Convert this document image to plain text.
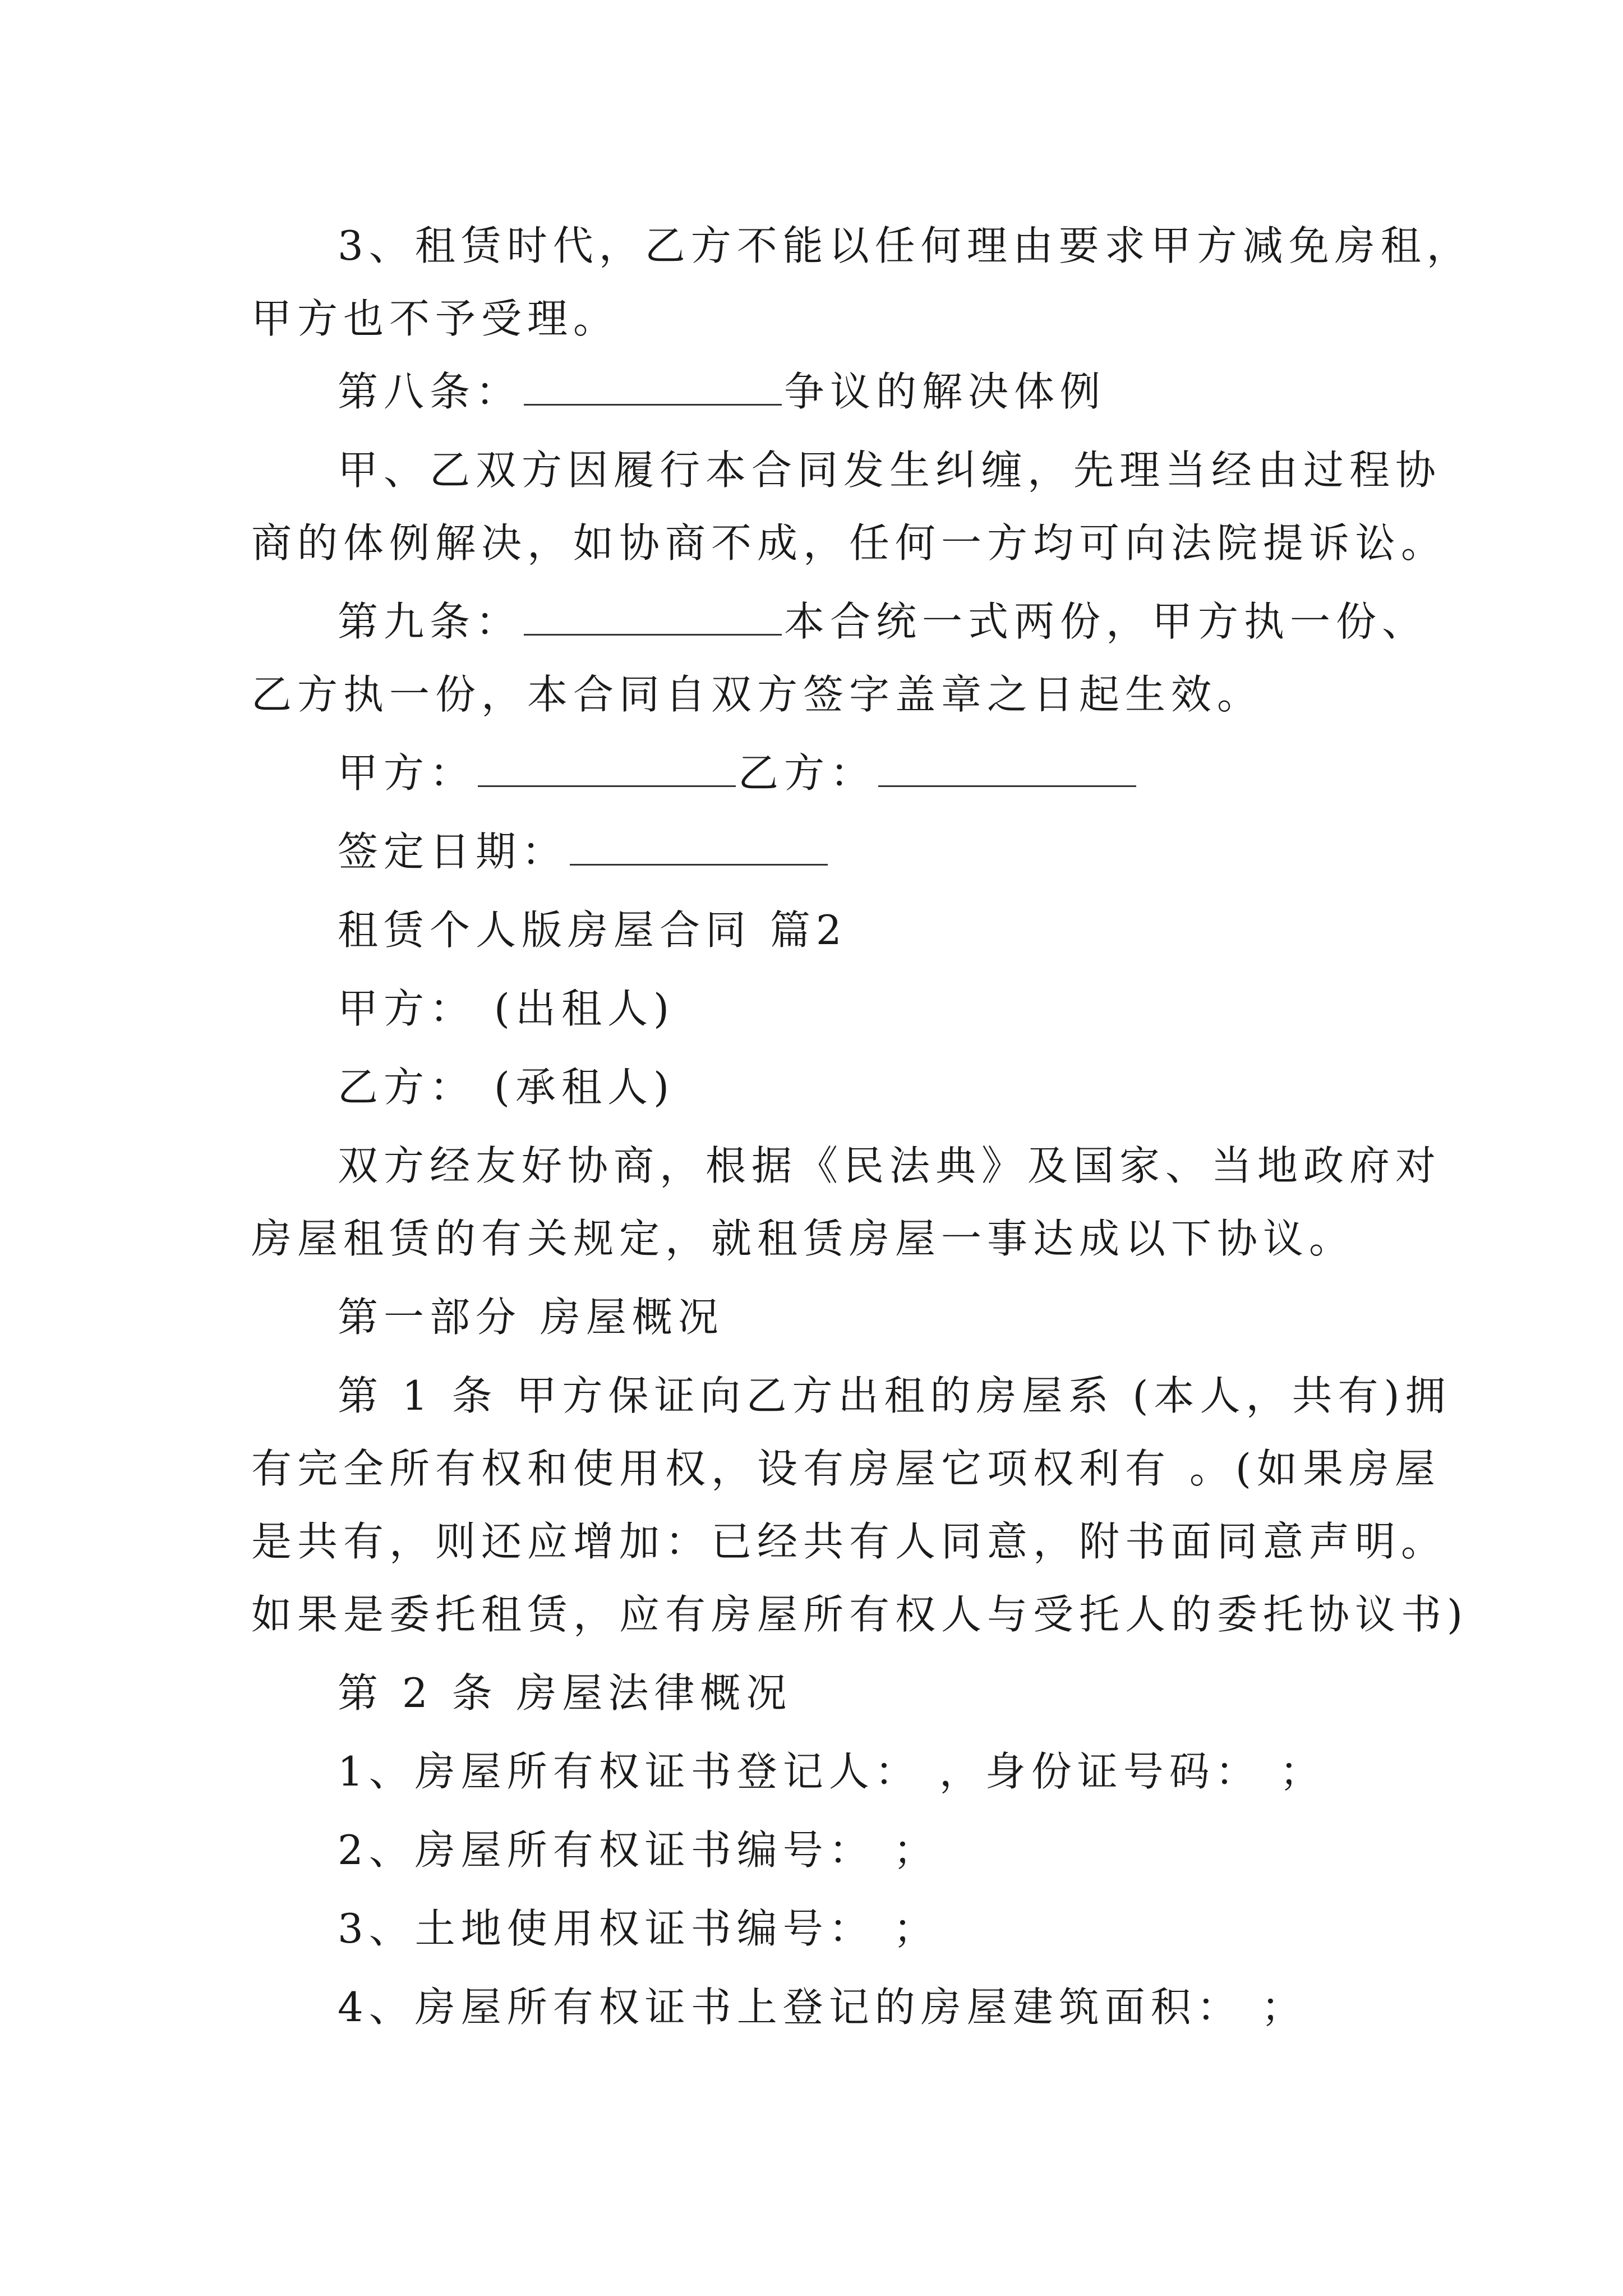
3、租赁时代，乙方不能以任何理由要求甲方减免房租，
甲方也不予受理。
第八条：	争议的解决体例
甲、乙双方因履行本合同发生纠缠，先理当经由过程协
商的体例解决，如协商不成，任何一方均可向法院提诉讼。
第九条：	本合统一式两份，甲方执一份、
乙方执一份，本合同自双方签字盖章之日起生效。
甲方：	乙方：
签定日期：
租赁个人版房屋合同 篇2
甲方： (出租人)
乙方： (承租人)
双方经友好协商，根据《民法典》及国家、当地政府对
房屋租赁的有关规定，就租赁房屋一事达成以下协议。
第一部分 房屋概况
第 1 条 甲方保证向乙方出租的房屋系 (本人，共有)拥
有完全所有权和使用权，设有房屋它项权利有 。(如果房屋
是共有，则还应增加：已经共有人同意，附书面同意声明。
如果是委托租赁，应有房屋所有权人与受托人的委托协议书)
第 2 条 房屋法律概况
1、房屋所有权证书登记人： ，身份证号码： ；
2、房屋所有权证书编号： ；
3、土地使用权证书编号： ；
4、房屋所有权证书上登记的房屋建筑面积： ；
